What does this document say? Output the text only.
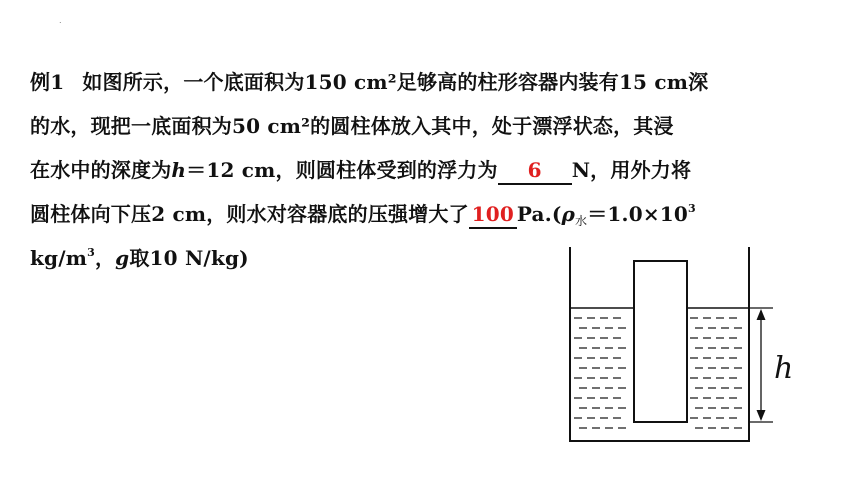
.
例1 如图所示，一个底面积为150 cm²足够高的柱形容器内装有15 cm深
的水，现把一底面积为50 cm²的圆柱体放入其中，处于漂浮状态，其浸
在水中的深度为h＝12 cm，则圆柱体受到的浮力为 6 N，用外力将
圆柱体向下压2 cm，则水对容器底的压强增大了 100 $Pa.(\rho_水=1.0\times 10^3$
$kg/m^3$，g取10 N/kg)
h
